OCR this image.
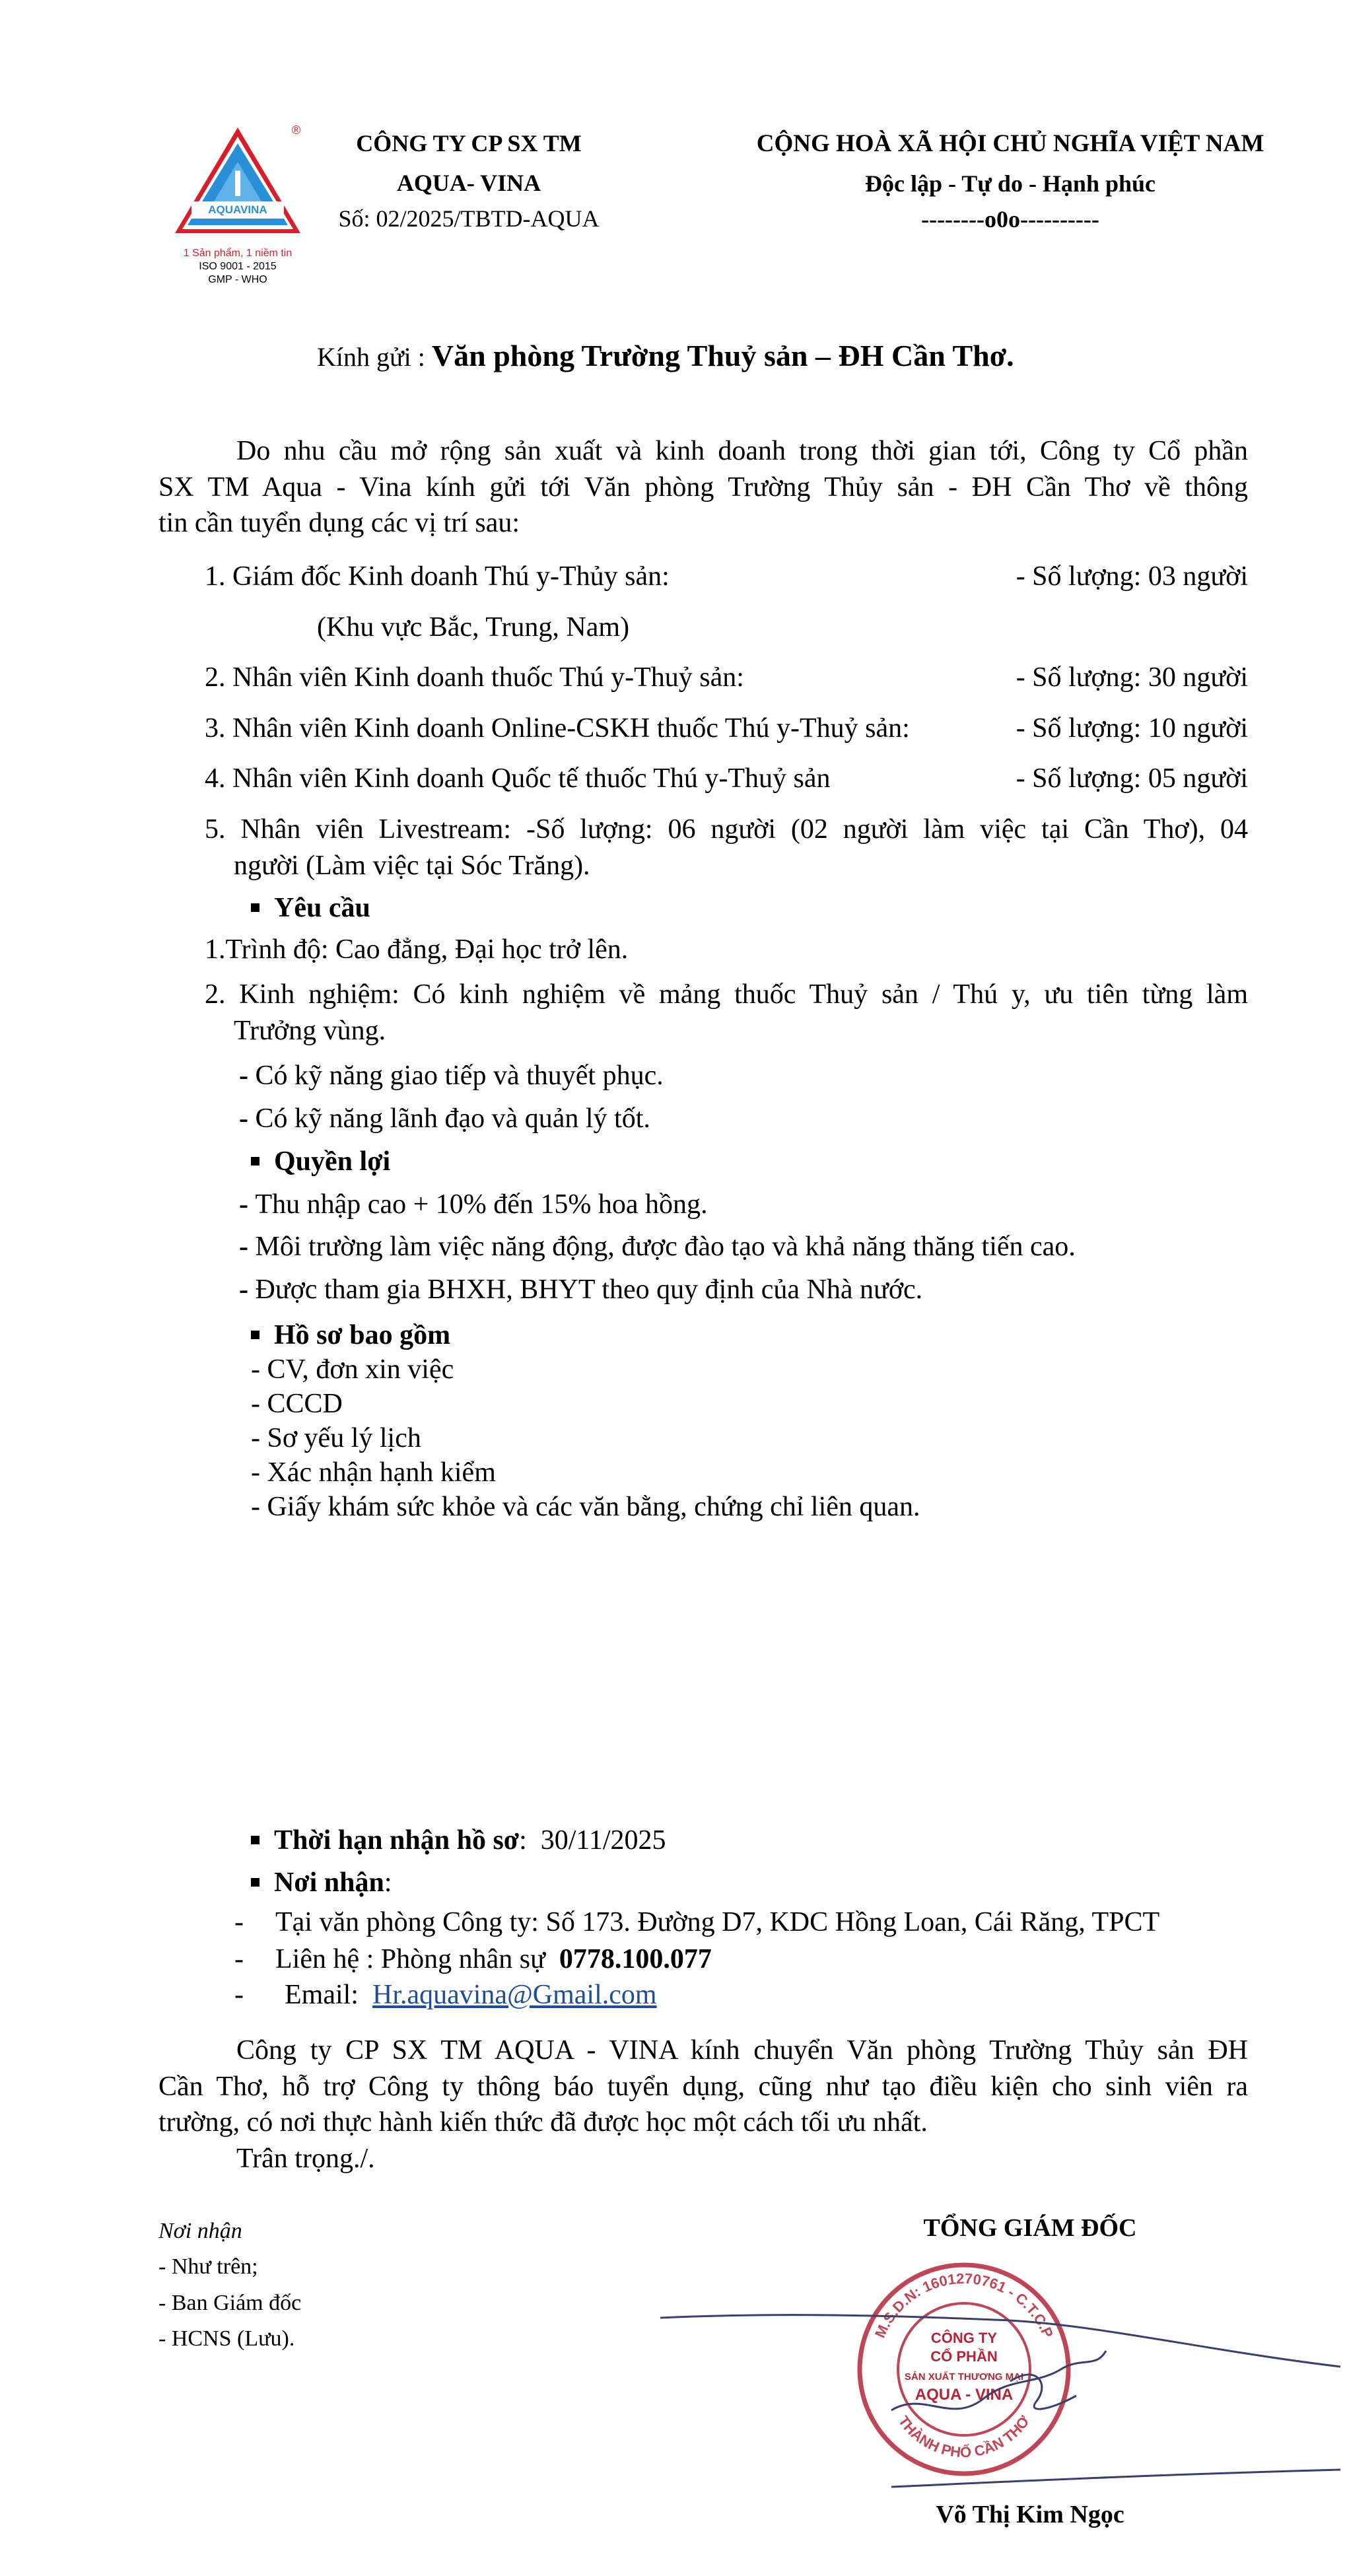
I
AQUAVINA
®
1 Sản phẩm, 1 niềm tin
ISO 9001 - 2015
GMP - WHO
CÔNG TY CP SX TM
AQUA- VINA
Số: 02/2025/TBTD-AQUA
CỘNG HOÀ XÃ HỘI CHỦ NGHĨA VIỆT NAM
Độc lập - Tự do - Hạnh phúc
--------o0o----------
Kính gửi : Văn phòng Trường Thuỷ sản – ĐH Cần Thơ.
Do nhu cầu mở rộng sản xuất và kinh doanh trong thời gian tới, Công ty Cổ phần
SX TM Aqua - Vina kính gửi tới Văn phòng Trường Thủy sản - ĐH Cần Thơ về thông
tin cần tuyển dụng các vị trí sau:
1. Giám đốc Kinh doanh Thú y-Thủy sản:	- Số lượng: 03 người
(Khu vực Bắc, Trung, Nam)
2. Nhân viên Kinh doanh thuốc Thú y-Thuỷ sản:	- Số lượng: 30 người
3. Nhân viên Kinh doanh Online-CSKH thuốc Thú y-Thuỷ sản:	- Số lượng: 10 người
4. Nhân viên Kinh doanh Quốc tế thuốc Thú y-Thuỷ sản	- Số lượng: 05 người
5. Nhân viên Livestream: -Số lượng: 06 người (02 người làm việc tại Cần Thơ), 04
người (Làm việc tại Sóc Trăng).
Yêu cầu
1.Trình độ: Cao đẳng, Đại học trở lên.
2. Kinh nghiệm: Có kinh nghiệm về mảng thuốc Thuỷ sản / Thú y, ưu tiên từng làm
Trưởng vùng.
- Có kỹ năng giao tiếp và thuyết phục.
- Có kỹ năng lãnh đạo và quản lý tốt.
Quyền lợi
- Thu nhập cao + 10% đến 15% hoa hồng.
- Môi trường làm việc năng động, được đào tạo và khả năng thăng tiến cao.
- Được tham gia BHXH, BHYT theo quy định của Nhà nước.
Hồ sơ bao gồm
- CV, đơn xin việc
- CCCD
- Sơ yếu lý lịch
- Xác nhận hạnh kiểm
- Giấy khám sức khỏe và các văn bằng, chứng chỉ liên quan.
Thời hạn nhận hồ sơ: 30/11/2025
Nơi nhận:
- Tại văn phòng Công ty: Số 173. Đường D7, KDC Hồng Loan, Cái Răng, TPCT
- Liên hệ : Phòng nhân sự 0778.100.077
- Email: Hr.aquavina@Gmail.com
Công ty CP SX TM AQUA - VINA kính chuyển Văn phòng Trường Thủy sản ĐH
Cần Thơ, hỗ trợ Công ty thông báo tuyển dụng, cũng như tạo điều kiện cho sinh viên ra
trường, có nơi thực hành kiến thức đã được học một cách tối ưu nhất.
Trân trọng./.
Nơi nhận
- Như trên;
- Ban Giám đốc
- HCNS (Lưu).
TỔNG GIÁM ĐỐC
M.S.D.N: 1601270761 - C.T.C.P
THÀNH PHỐ CẦN THƠ
CÔNG TY
CỔ PHẦN
SẢN XUẤT THƯƠNG MẠI
AQUA - VINA
Võ Thị Kim Ngọc
